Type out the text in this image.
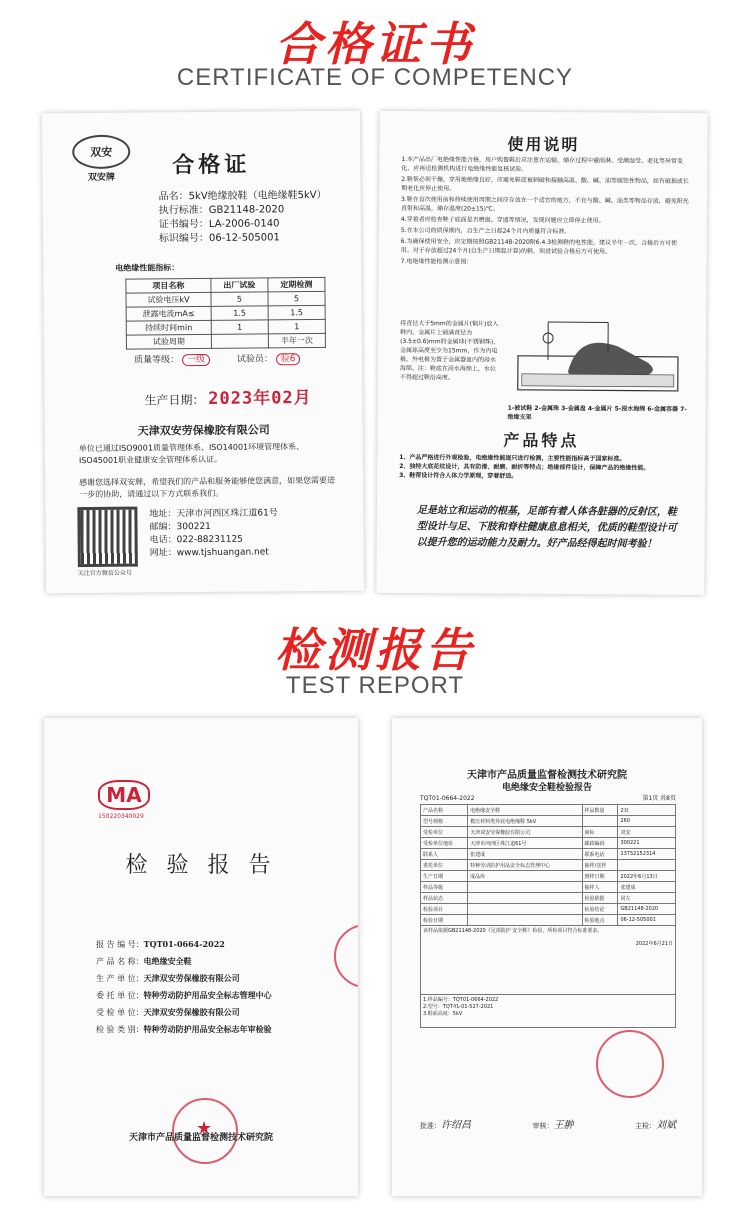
合格证书
CERTIFICATE OF COMPETENCY
双安
双安牌	合格证
品名：5kV绝缘胶鞋（电绝缘鞋5kV）
执行标准：GB21148-2020
证书编号：LA-2006-0140
标识编号：06-12-505001
电绝缘性能指标：
项目名称	出厂试验	定期检测
试验电压kV	5	5
泄露电流mA≤	1.5	1.5
持续时间min	1	1
试验周期		半年一次
质量等级： 一级	试验员： 验6
生产日期： 2023年02月
天津双安劳保橡胶有限公司
单位已通过ISO9001质量管理体系、ISO14001环境管理体系、ISO45001职业健康安全管理体系认证。
感谢您选择双安牌，希望我们的产品和服务能够使您满意，如果您需要进一步的协助，请通过以下方式联系我们。
关注官方微信公众号
地址：天津市河西区珠江道61号
邮编：300221
电话：022-88231125
网址：www.tjshuangan.net
使用说明
1.本产品出厂电绝缘性能合格，用户购置鞋后应注意在运输、储存过程中避雨淋、受潮湿受、老化等异常变化，应再送检测机构进行电绝缘性能复核试验。
2.鞋帮必须干燥，穿用地绝缘良好，应避免鞋底被刺破和接触高温、酸、碱、油等腐蚀性物品，如有破损或长期老化应停止使用。
3.鞋在首次使用前和持续使用周期之间应存放在一个适宜的地方，不宜与酸、碱、油类等物品存放，避免阳光直射和高温，储存温度(20±15)℃。
4.穿着者应检查鞋子底面是否磨损、穿透等情况，发现问题应立即停止使用。
5.在本公司的质保期内，自生产之日起24个月内质量符合标准。
6.为确保使用安全，应定期按照GB21148-2020附6.4.3检测鞋的电性能，建议半年一次，合格后方可使用。对于存放超过24个月(自生产日期起计算)的鞋，须进试验合格后方可使用。
7.电绝缘性能检测示意图：
将直径大于5mm的金属片(铜片)放入鞋内，金属片上铺满直径为(3.5±0.6)mm的金属球(不锈钢珠)，金属球高度至少为15mm，作为内电极，外电极为置于金属器皿内的浸水海绵。注：鞋底在浸水海绵上，水位不得超过鞋沿高度。
1-被试鞋 2-金属珠 3-金属盘 4-金属片 5-浸水海绵 6-金属容器 7-绝缘支架
产品特点
1、产品严格进行外观检验，电绝缘性能逐只进行检测，主要性能指标高于国家标准。
2、独特大底花纹设计，具有防滑、耐磨、耐折等特点；绝缘部件设计，保障产品的绝缘性能。
3、鞋帮设计符合人体力学原理，穿着舒适。
足是站立和运动的根基，足部有着人体各脏器的反射区，鞋型设计与足、下肢和脊柱健康息息相关，优质的鞋型设计可以提升您的运动能力及耐力。好产品经得起时间考验！
检测报告
TEST REPORT
MA
150220340029
检 验 报 告
报 告 编 号：TQT01-0664-2022
产 品 名 称：电绝缘安全鞋
生 产 单 位：天津双安劳保橡胶有限公司
委 托 单 位：特种劳动防护用品安全标志管理中心
受 检 单 位：天津双安劳保橡胶有限公司
检 验 类 别：特种劳动防护用品安全标志年审检验
★
天津市产品质量监督检测技术研究院
天津市产品质量监督检测技术研究院
电绝缘安全鞋检验报告
TQT01-0664-2022	第1页 共8页
产品名称	电绝缘安全鞋	样品数量	2双
型号规格	模压材料类外底电绝缘鞋 5kV		260
受检单位	天津双安劳保橡胶有限公司	商标	双安
受检单位地址	天津市河西区珠江道61号	邮政编码	300221
联系人	张建成	联系电话	13752152314
委托单位	特种劳动防护用品安全标志管理中心	抽样/送样	
生产日期	成品库	到样日期	2022年6月13日
样品等级		抽样人	张建成
样品状态		检验依据	同左
检验项目		检验结论	GB21148-2020
检验日期		检验地点	06-12-505001
该样品依据GB21148-2020《足部防护 安全鞋》检验，所检项目符合标准要求。

2022年6月21日			

1.样品编号：TQT01-0664-2022
2.型号：TQT-YL-01-527-2021
3.鞋面高度：5kV			
批准：许绍昌	审核：王翀	主检：刘斌
